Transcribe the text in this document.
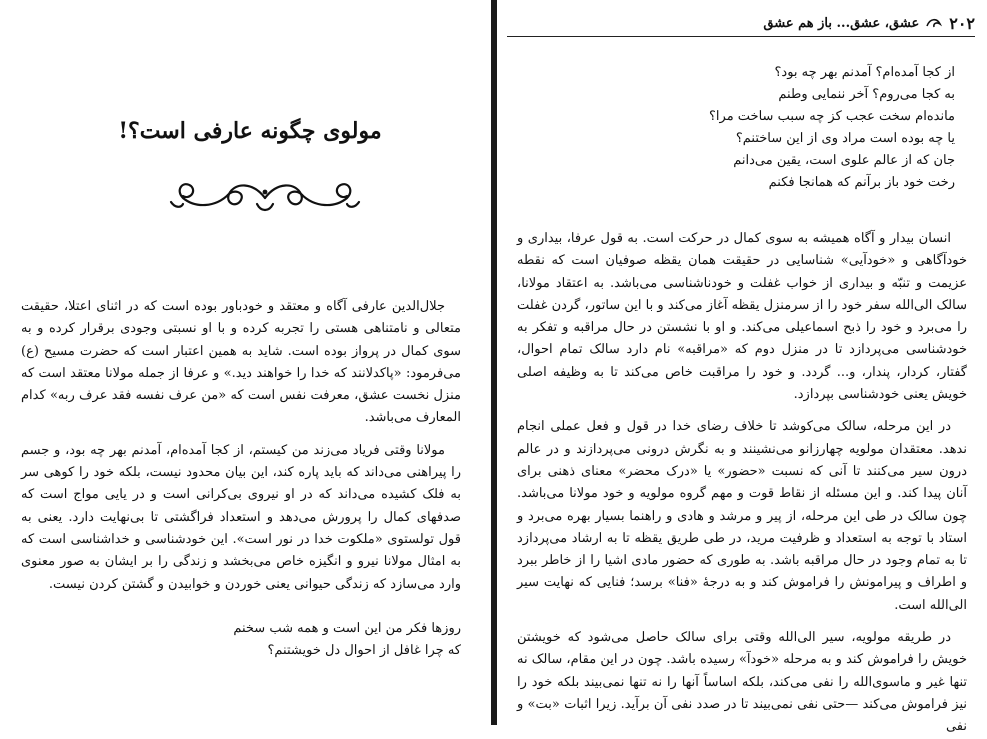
مولوی چگونه عارفی است؟!

جلال‌الدین عارفی آگاه و معتقد و خودباور بوده است که در اثنای اعتلا، حقیقت متعالی و نامتناهی هستی را تجربه کرده و با او نسبتی وجودی برقرار کرده و به سوی کمال در پرواز بوده است. شاید به همین اعتبار است که حضرت مسیح (ع) می‌فرمود: «پاکدلانند که خدا را خواهند دید.» و عرفا از جمله مولانا معتقد است که منزل نخست عشق، معرفت نفس است که «من عرف نفسه فقد عرف ربه» کدام المعارف می‌باشد.

مولانا وقتی فریاد می‌زند من کیستم، از کجا آمده‌ام، آمدنم بهر چه بود، و جسم را پیراهنی می‌داند که باید پاره کند، این بیان محدود نیست، بلکه خود را کوهی سر به فلک کشیده می‌داند که در او نیروی بی‌کرانی است و در یایی مواج است که صدفهای کمال را پرورش می‌دهد و استعداد فراگشتی تا بی‌نهایت دارد. یعنی به قول تولستوی «ملکوت خدا در نور است». این خودشناسی و خداشناسی است که به امثال مولانا نیرو و انگیزه خاص می‌بخشد و زندگی را بر ایشان به صور معنوی وارد می‌سازد که زندگی حیوانی یعنی خوردن و خوابیدن و گشتن کردن نیست.

روزها فکر من این است و همه شب سخنم
که چرا غافل از احوال دل خویشتنم؟
۲۰۲
عشق، عشق... باز هم عشق
از کجا آمده‌ام؟ آمدنم بهر چه بود؟
به کجا می‌روم؟ آخر ننمایی وطنم
مانده‌ام سخت عجب کز چه سبب ساخت مرا؟
یا چه بوده است مراد وی از این ساختنم؟
جان که از عالم علوی است، یقین می‌دانم
رخت خود باز برآنم که همانجا فکنم

انسان بیدار و آگاه همیشه به سوی کمال در حرکت است. به قول عرفا، بیداری و خودآگاهی و «خودآیی» شناسایی در حقیقت همان یقظه صوفیان است که نقطه عزیمت و تنبّه و بیداری از خواب غفلت و خودناشناسی می‌باشد. به اعتقاد مولانا، سالک الی‌الله سفر خود را از سرمنزل یقظه آغاز می‌کند و با این ساتور، گردن غفلت را می‌برد و خود را ذبح اسماعیلی می‌کند. و او با نشستن در حال مراقبه و تفکر به خودشناسی می‌پردازد تا در منزل دوم که «مراقبه» نام دارد سالک تمام احوال، گفتار، کردار، پندار، و... گردد. و خود را مراقبت خاص می‌کند تا به وظیفه اصلی خویش یعنی خودشناسی بپردازد.

در این مرحله، سالک می‌کوشد تا خلاف رضای خدا در قول و فعل عملی انجام ندهد. معتقدان مولویه چهارزانو می‌نشینند و به نگرش درونی می‌پردازند و در عالم درون سیر می‌کنند تا آنی که نسبت «حضور» یا «درک محضر» معنای ذهنی برای آنان پیدا کند. و این مسئله از نقاط قوت و مهم گروه مولویه و خود مولانا می‌باشد. چون سالک در طی این مرحله، از پیر و مرشد و هادی و راهنما بسیار بهره می‌برد و استاد با توجه به استعداد و ظرفیت مرید، در طی طریق یقظه تا به ارشاد می‌پردازد تا به تمام وجود در حال مراقبه باشد. به طوری که حضور مادی اشیا را از خاطر ببرد و اطراف و پیرامونش را فراموش کند و به درجهٔ «فنا» برسد؛ فنایی که نهایت سیر الی‌الله است.

در طریقه مولویه، سیر الی‌الله وقتی برای سالک حاصل می‌شود که خویشتن خویش را فراموش کند و به مرحله «خودآ» رسیده باشد. چون در این مقام، سالک نه تنها غیر و ماسوی‌الله را نفی می‌کند، بلکه اساساً آنها را نه تنها نمی‌بیند بلکه خود را نیز فراموش می‌کند —حتی نفی نمی‌بیند تا در صدد نفی آن برآید. زیرا اثبات «بت» و نفی
